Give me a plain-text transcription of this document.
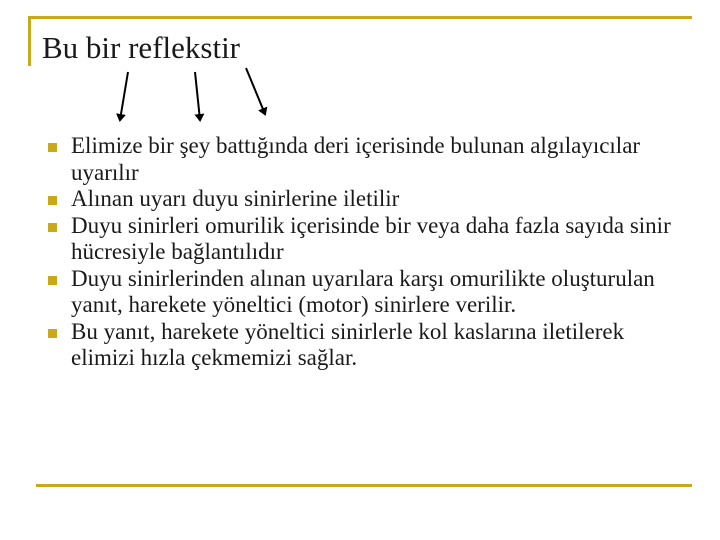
Bu bir reflekstir
Elimize bir şey battığında deri içerisinde bulunan algılayıcılar uyarılır
Alınan uyarı duyu sinirlerine iletilir
Duyu sinirleri omurilik içerisinde bir veya daha fazla sayıda sinir hücresiyle bağlantılıdır
Duyu sinirlerinden alınan uyarılara karşı omurilikte oluşturulan yanıt, harekete yöneltici (motor) sinirlere verilir.
Bu yanıt, harekete yöneltici sinirlerle kol kaslarına iletilerek elimizi hızla çekmemizi sağlar.
